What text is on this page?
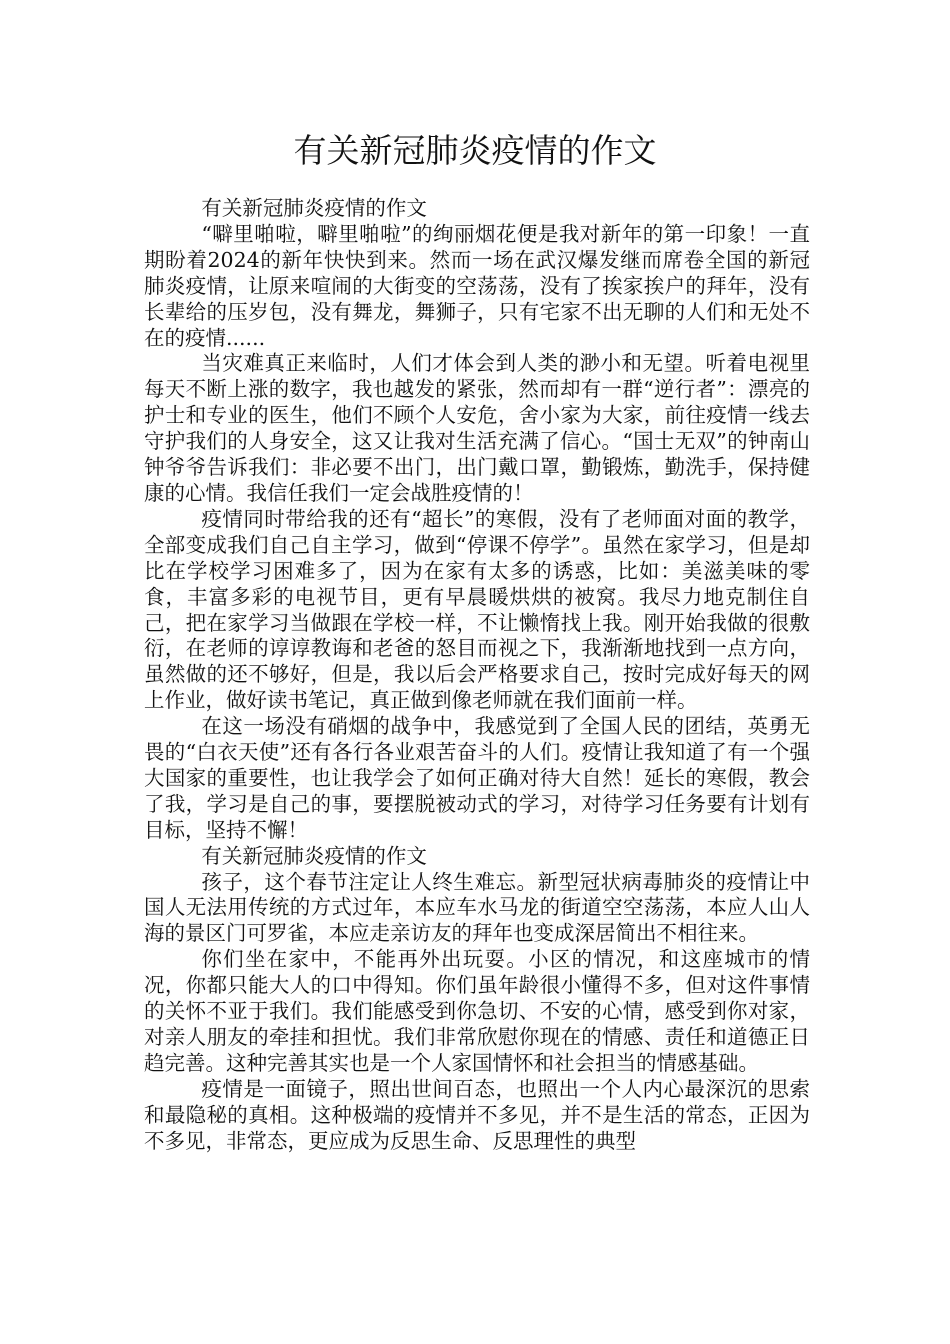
有关新冠肺炎疫情的作文

有关新冠肺炎疫情的作文

“噼里啪啦，噼里啪啦”的绚丽烟花便是我对新年的第一印象！一直期盼着2024的新年快快到来。然而一场在武汉爆发继而席卷全国的新冠肺炎疫情，让原来喧闹的大街变的空荡荡，没有了挨家挨户的拜年，没有长辈给的压岁包，没有舞龙，舞狮子，只有宅家不出无聊的人们和无处不在的疫情......

当灾难真正来临时，人们才体会到人类的渺小和无望。听着电视里每天不断上涨的数字，我也越发的紧张，然而却有一群“逆行者”：漂亮的护士和专业的医生，他们不顾个人安危，舍小家为大家，前往疫情一线去守护我们的人身安全，这又让我对生活充满了信心。“国士无双”的钟南山钟爷爷告诉我们：非必要不出门，出门戴口罩，勤锻炼，勤洗手，保持健康的心情。我信任我们一定会战胜疫情的！

疫情同时带给我的还有“超长”的寒假，没有了老师面对面的教学，全部变成我们自己自主学习，做到“停课不停学”。虽然在家学习，但是却比在学校学习困难多了，因为在家有太多的诱惑，比如：美滋美味的零食，丰富多彩的电视节目，更有早晨暖烘烘的被窝。我尽力地克制住自己，把在家学习当做跟在学校一样，不让懒惰找上我。刚开始我做的很敷衍，在老师的谆谆教诲和老爸的怒目而视之下，我渐渐地找到一点方向，虽然做的还不够好，但是，我以后会严格要求自己，按时完成好每天的网上作业，做好读书笔记，真正做到像老师就在我们面前一样。

在这一场没有硝烟的战争中，我感觉到了全国人民的团结，英勇无畏的“白衣天使”还有各行各业艰苦奋斗的人们。疫情让我知道了有一个强大国家的重要性，也让我学会了如何正确对待大自然！延长的寒假，教会了我，学习是自己的事，要摆脱被动式的学习，对待学习任务要有计划有目标，坚持不懈！

有关新冠肺炎疫情的作文

孩子，这个春节注定让人终生难忘。新型冠状病毒肺炎的疫情让中国人无法用传统的方式过年，本应车水马龙的街道空空荡荡，本应人山人海的景区门可罗雀，本应走亲访友的拜年也变成深居简出不相往来。

你们坐在家中，不能再外出玩耍。小区的情况，和这座城市的情况，你都只能大人的口中得知。你们虽年龄很小懂得不多，但对这件事情的关怀不亚于我们。我们能感受到你急切、不安的心情，感受到你对家，对亲人朋友的牵挂和担忧。我们非常欣慰你现在的情感、责任和道德正日趋完善。这种完善其实也是一个人家国情怀和社会担当的情感基础。

疫情是一面镜子，照出世间百态，也照出一个人内心最深沉的思索和最隐秘的真相。这种极端的疫情并不多见，并不是生活的常态，正因为不多见，非常态，更应成为反思生命、反思理性的典型
